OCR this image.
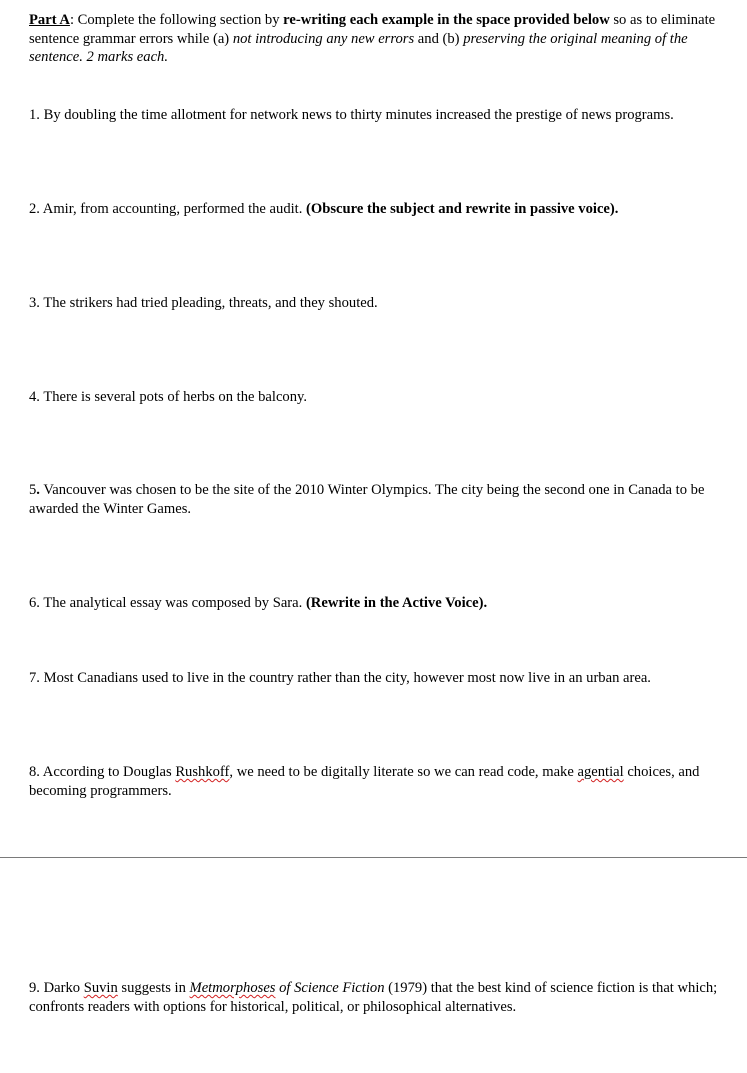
Part A: Complete the following section by re-writing each example in the space provided below so as to eliminate sentence grammar errors while (a) not introducing any new errors and (b) preserving the original meaning of the sentence. 2 marks each.
1. By doubling the time allotment for network news to thirty minutes increased the prestige of news programs.
2. Amir, from accounting, performed the audit. (Obscure the subject and rewrite in passive voice).
3. The strikers had tried pleading, threats, and they shouted.
4. There is several pots of herbs on the balcony.
5. Vancouver was chosen to be the site of the 2010 Winter Olympics. The city being the second one in Canada to be awarded the Winter Games.
6. The analytical essay was composed by Sara. (Rewrite in the Active Voice).
7. Most Canadians used to live in the country rather than the city, however most now live in an urban area.
8. According to Douglas Rushkoff, we need to be digitally literate so we can read code, make agential choices, and becoming programmers.
9. Darko Suvin suggests in Metmorphoses of Science Fiction (1979) that the best kind of science fiction is that which; confronts readers with options for historical, political, or philosophical alternatives.
